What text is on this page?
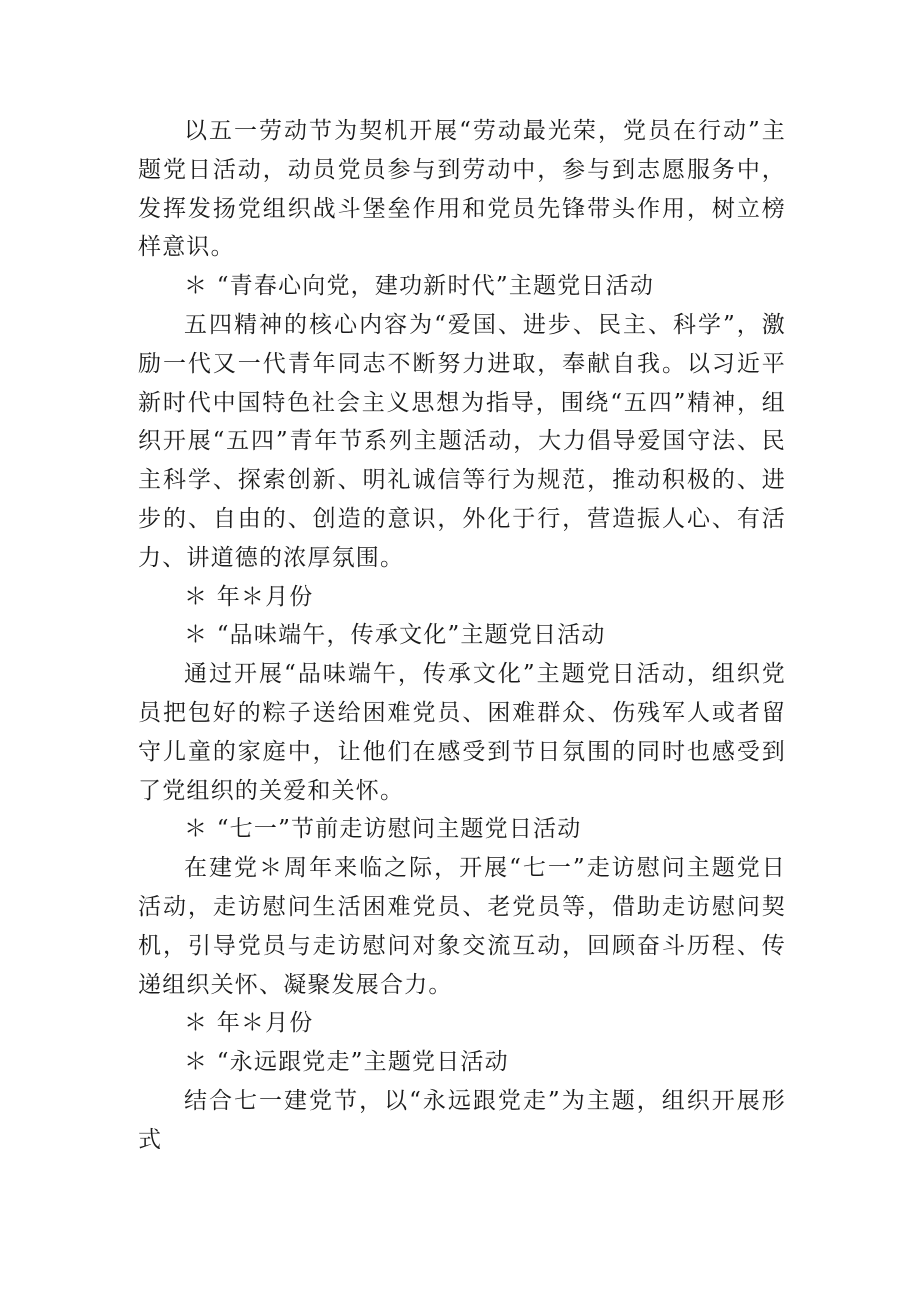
以五一劳动节为契机开展“劳动最光荣，党员在行动”主题党日活动，动员党员参与到劳动中，参与到志愿服务中，发挥发扬党组织战斗堡垒作用和党员先锋带头作用，树立榜样意识。

＊ “青春心向党，建功新时代”主题党日活动

五四精神的核心内容为“爱国、进步、民主、科学”，激励一代又一代青年同志不断努力进取，奉献自我。以习近平新时代中国特色社会主义思想为指导，围绕“五四”精神，组织开展“五四”青年节系列主题活动，大力倡导爱国守法、民主科学、探索创新、明礼诚信等行为规范，推动积极的、进步的、自由的、创造的意识，外化于行，营造振人心、有活力、讲道德的浓厚氛围。

＊ 年＊月份

＊ “品味端午，传承文化”主题党日活动

通过开展“品味端午，传承文化”主题党日活动，组织党员把包好的粽子送给困难党员、困难群众、伤残军人或者留守儿童的家庭中，让他们在感受到节日氛围的同时也感受到了党组织的关爱和关怀。

＊ “七一”节前走访慰问主题党日活动

在建党＊周年来临之际，开展“七一”走访慰问主题党日活动，走访慰问生活困难党员、老党员等，借助走访慰问契机，引导党员与走访慰问对象交流互动，回顾奋斗历程、传递组织关怀、凝聚发展合力。

＊ 年＊月份

＊ “永远跟党走”主题党日活动

结合七一建党节，以“永远跟党走”为主题，组织开展形式
